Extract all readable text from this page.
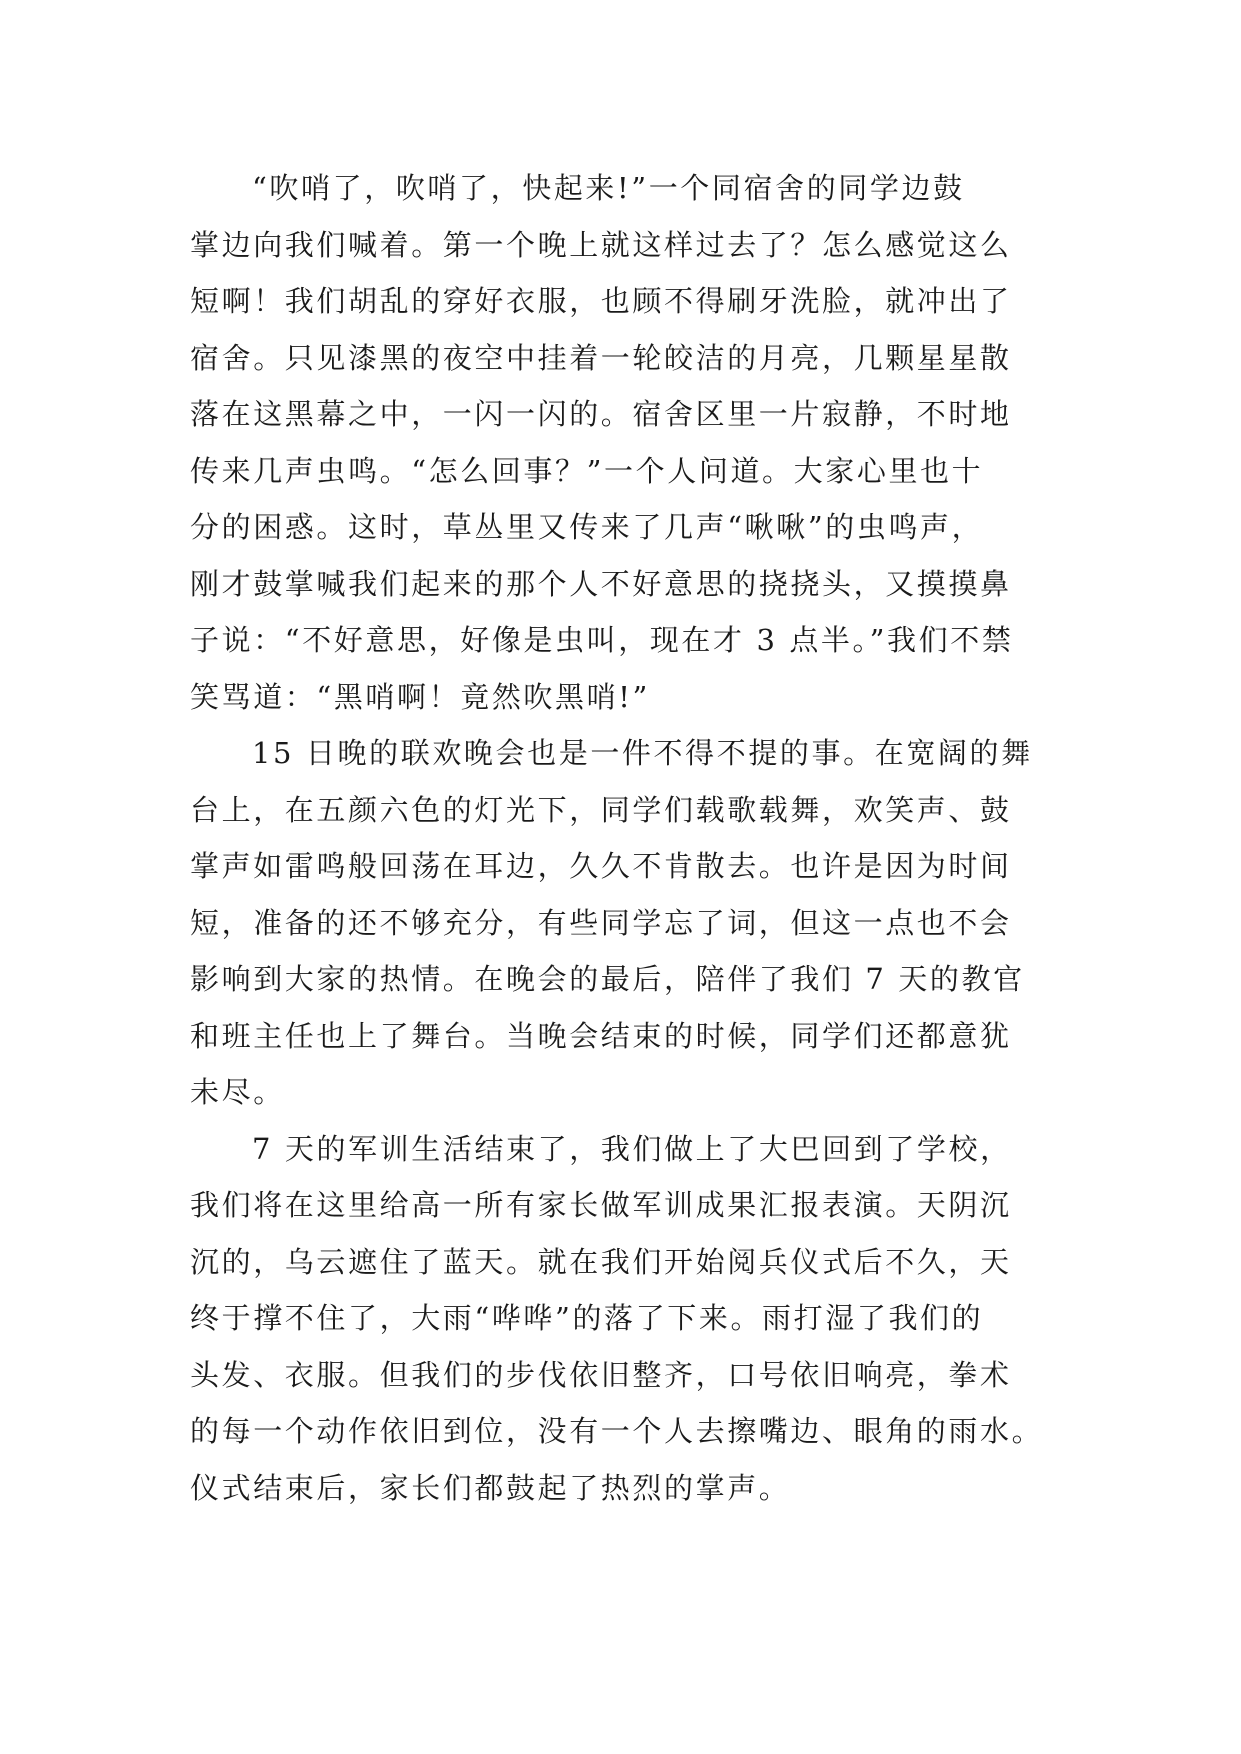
“吹哨了，吹哨了，快起来!”一个同宿舍的同学边鼓
掌边向我们喊着。第一个晚上就这样过去了？怎么感觉这么
短啊！我们胡乱的穿好衣服，也顾不得刷牙洗脸，就冲出了
宿舍。只见漆黑的夜空中挂着一轮皎洁的月亮，几颗星星散
落在这黑幕之中，一闪一闪的。宿舍区里一片寂静，不时地
传来几声虫鸣。“怎么回事？”一个人问道。大家心里也十
分的困惑。这时，草丛里又传来了几声“啾啾”的虫鸣声，
刚才鼓掌喊我们起来的那个人不好意思的挠挠头，又摸摸鼻
子说：“不好意思，好像是虫叫，现在才 3 点半。”我们不禁
笑骂道：“黑哨啊！竟然吹黑哨!”

15 日晚的联欢晚会也是一件不得不提的事。在宽阔的舞
台上，在五颜六色的灯光下，同学们载歌载舞，欢笑声、鼓
掌声如雷鸣般回荡在耳边，久久不肯散去。也许是因为时间
短，准备的还不够充分，有些同学忘了词，但这一点也不会
影响到大家的热情。在晚会的最后，陪伴了我们 7 天的教官
和班主任也上了舞台。当晚会结束的时候，同学们还都意犹
未尽。

7 天的军训生活结束了，我们做上了大巴回到了学校，
我们将在这里给高一所有家长做军训成果汇报表演。天阴沉
沉的，乌云遮住了蓝天。就在我们开始阅兵仪式后不久，天
终于撑不住了，大雨“哗哗”的落了下来。雨打湿了我们的
头发、衣服。但我们的步伐依旧整齐，口号依旧响亮，拳术
的每一个动作依旧到位，没有一个人去擦嘴边、眼角的雨水。
仪式结束后，家长们都鼓起了热烈的掌声。
